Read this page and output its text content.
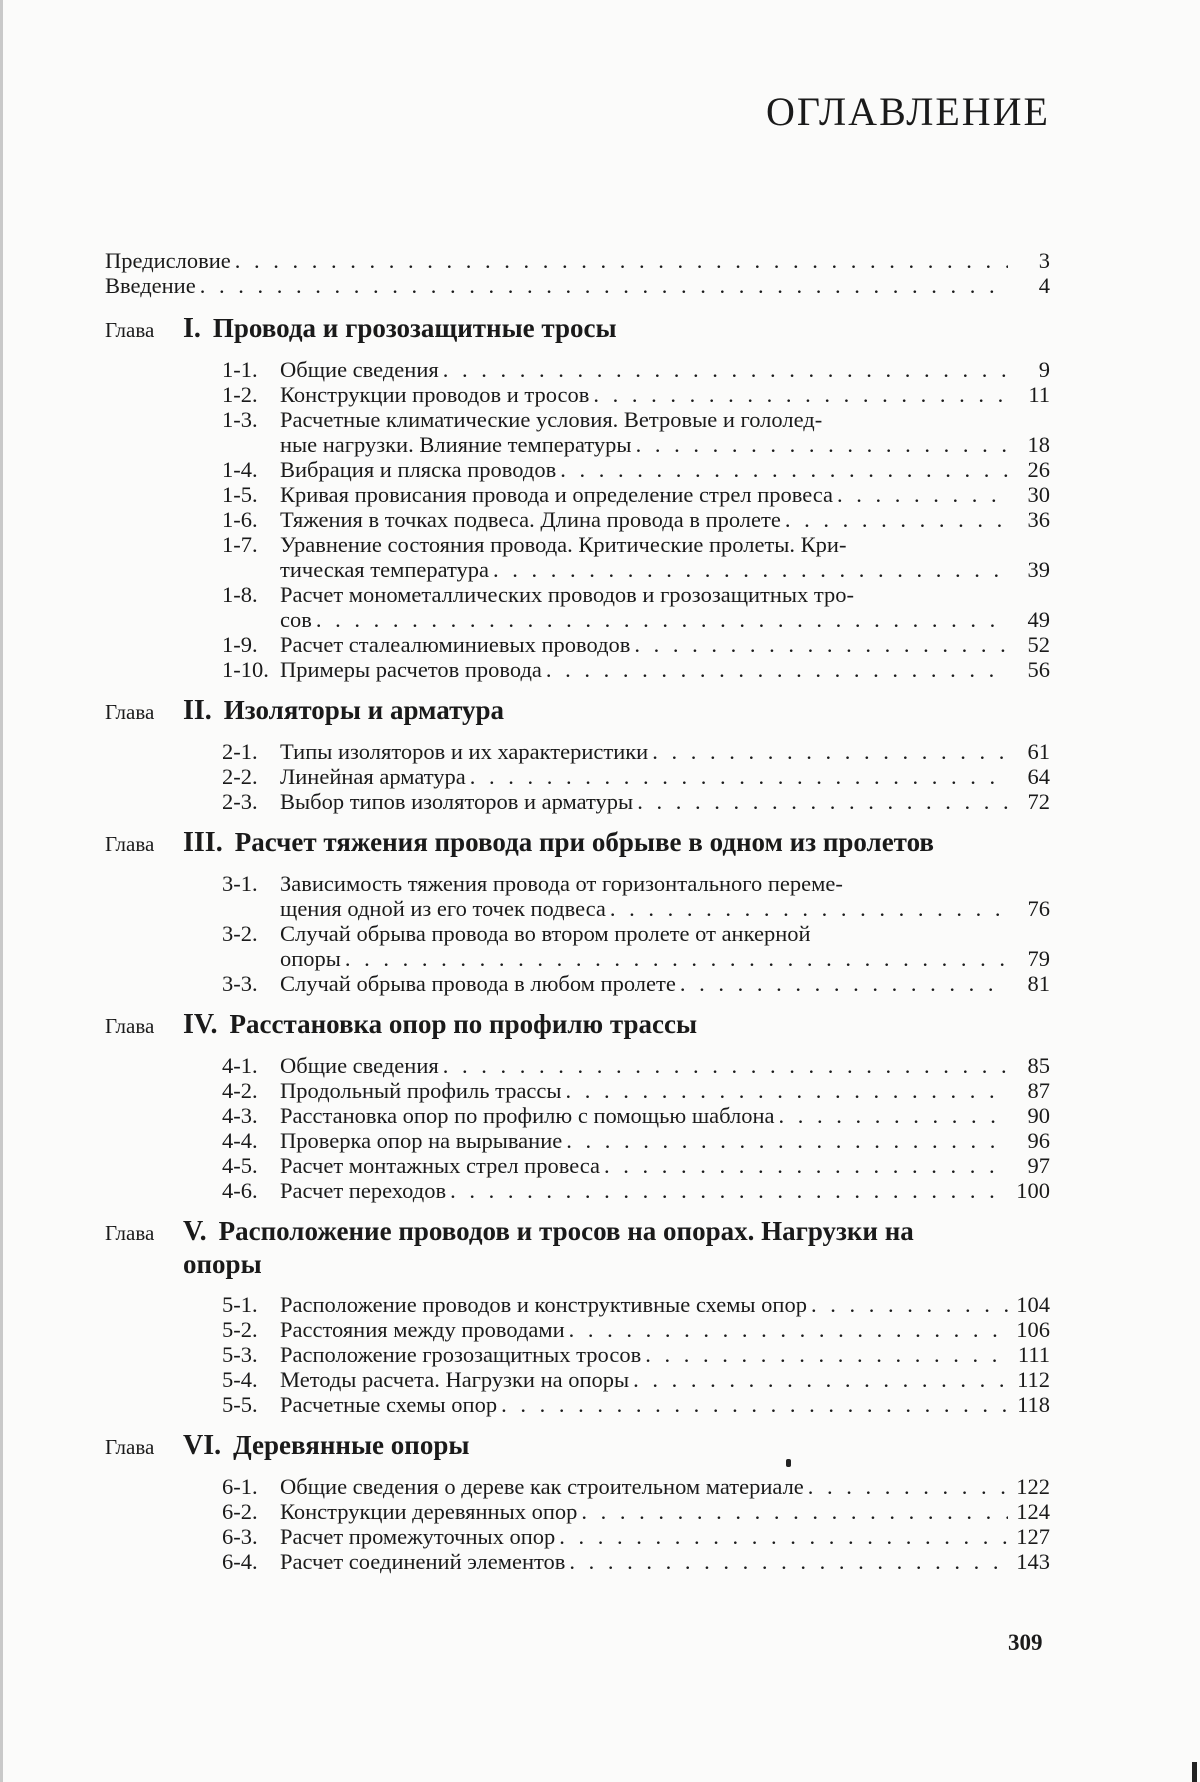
ОГЛАВЛЕНИЕ
Предисловие . . .	3
Введение . . .	4
Глава	I. Провода и грозозащитные тросы
1-1. Общие сведения . . .	9
1-2. Конструкции проводов и тросов . . .	11
1-3. Расчетные климатические условия. Ветровые и гололед-
ные нагрузки. Влияние температуры . . .	18
1-4. Вибрация и пляска проводов . . .	26
1-5. Кривая провисания провода и определение стрел провеса . . .	30
1-6. Тяжения в точках подвеса. Длина провода в пролете . . .	36
1-7. Уравнение состояния провода. Критические пролеты. Кри-
тическая температура . . .	39
1-8. Расчет монометаллических проводов и грозозащитных тро-
сов . . .	49
1-9. Расчет сталеалюминиевых проводов . . .	52
1-10. Примеры расчетов провода . . .	56
Глава	II. Изоляторы и арматура
2-1. Типы изоляторов и их характеристики . . .	61
2-2. Линейная арматура . . .	64
2-3. Выбор типов изоляторов и арматуры . . .	72
Глава	III. Расчет тяжения провода при обрыве в одном из пролетов
3-1. Зависимость тяжения провода от горизонтального переме-
щения одной из его точек подвеса . . .	76
3-2. Случай обрыва провода во втором пролете от анкерной
опоры . . .	79
3-3. Случай обрыва провода в любом пролете . . .	81
Глава	IV. Расстановка опор по профилю трассы
4-1. Общие сведения . . .	85
4-2. Продольный профиль трассы . . .	87
4-3. Расстановка опор по профилю с помощью шаблона . . .	90
4-4. Проверка опор на вырывание . . .	96
4-5. Расчет монтажных стрел провеса . . .	97
4-6. Расчет переходов . . .	100
Глава	V. Расположение проводов и тросов на опорах. Нагрузки на опоры
5-1. Расположение проводов и конструктивные схемы опор . . .	104
5-2. Расстояния между проводами . . .	106
5-3. Расположение грозозащитных тросов . . .	111
5-4. Методы расчета. Нагрузки на опоры . . .	112
5-5. Расчетные схемы опор . . .	118
Глава	VI. Деревянные опоры
6-1. Общие сведения о дереве как строительном материале . . .	122
6-2. Конструкции деревянных опор . . .	124
6-3. Расчет промежуточных опор . . .	127
6-4. Расчет соединений элементов . . .	143
309
